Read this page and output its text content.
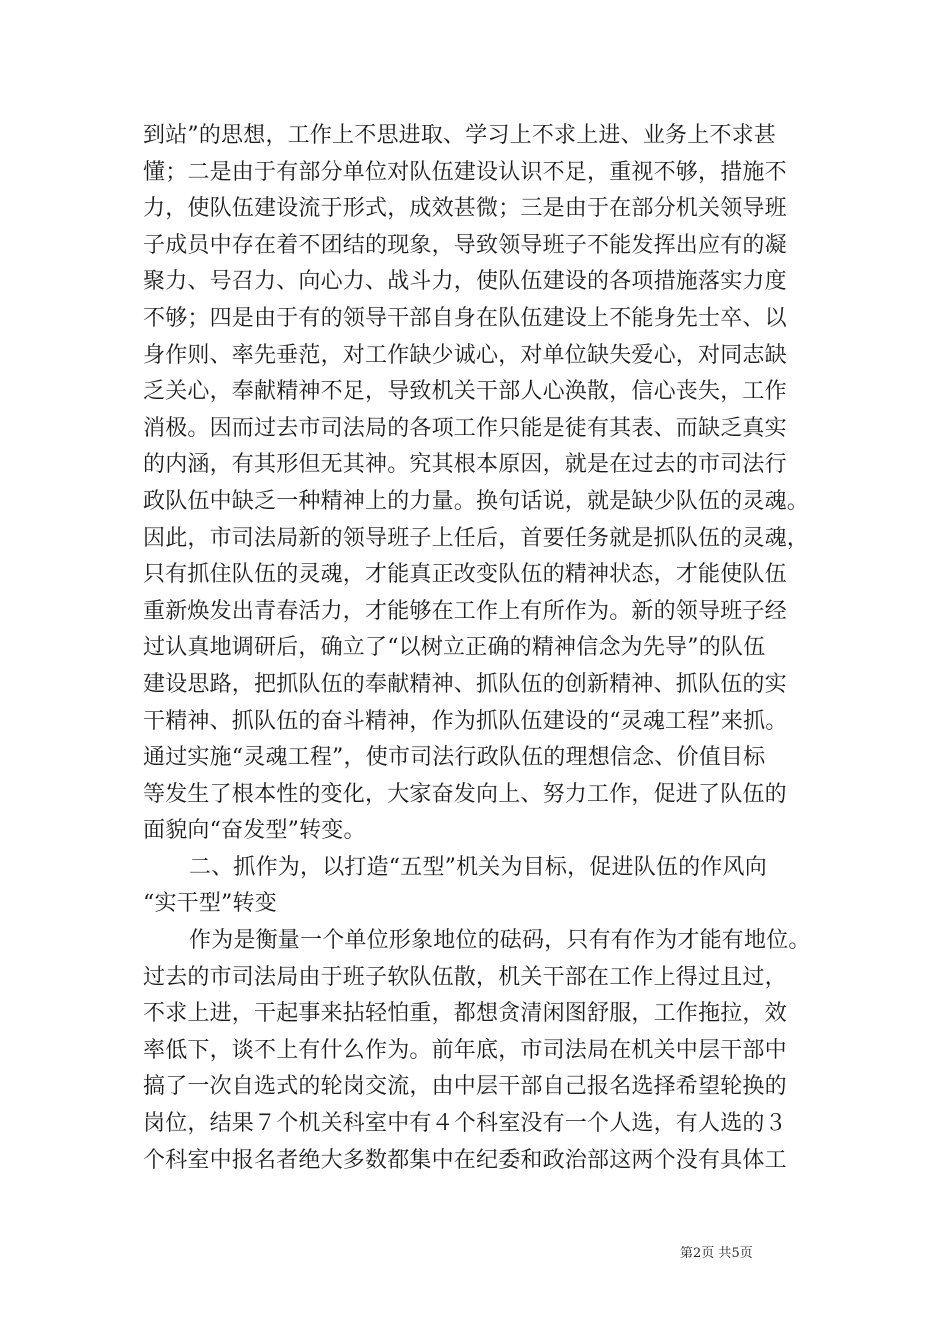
到站”的思想，工作上不思进取、学习上不求上进、业务上不求甚
懂；二是由于有部分单位对队伍建设认识不足，重视不够，措施不
力，使队伍建设流于形式，成效甚微；三是由于在部分机关领导班
子成员中存在着不团结的现象，导致领导班子不能发挥出应有的凝
聚力、号召力、向心力、战斗力，使队伍建设的各项措施落实力度
不够；四是由于有的领导干部自身在队伍建设上不能身先士卒、以
身作则、率先垂范，对工作缺少诚心，对单位缺失爱心，对同志缺
乏关心，奉献精神不足，导致机关干部人心涣散，信心丧失，工作
消极。因而过去市司法局的各项工作只能是徒有其表、而缺乏真实
的内涵，有其形但无其神。究其根本原因，就是在过去的市司法行
政队伍中缺乏一种精神上的力量。换句话说，就是缺少队伍的灵魂。
因此，市司法局新的领导班子上任后，首要任务就是抓队伍的灵魂，
只有抓住队伍的灵魂，才能真正改变队伍的精神状态，才能使队伍
重新焕发出青春活力，才能够在工作上有所作为。新的领导班子经
过认真地调研后，确立了“以树立正确的精神信念为先导”的队伍
建设思路，把抓队伍的奉献精神、抓队伍的创新精神、抓队伍的实
干精神、抓队伍的奋斗精神，作为抓队伍建设的“灵魂工程”来抓。
通过实施“灵魂工程”，使市司法行政队伍的理想信念、价值目标
等发生了根本性的变化，大家奋发向上、努力工作，促进了队伍的
面貌向“奋发型”转变。
二、抓作为，以打造“五型”机关为目标，促进队伍的作风向
“实干型”转变
作为是衡量一个单位形象地位的砝码，只有有作为才能有地位。
过去的市司法局由于班子软队伍散，机关干部在工作上得过且过，
不求上进，干起事来拈轻怕重，都想贪清闲图舒服，工作拖拉，效
率低下，谈不上有什么作为。前年底，市司法局在机关中层干部中
搞了一次自选式的轮岗交流，由中层干部自己报名选择希望轮换的
岗位，结果７个机关科室中有４个科室没有一个人选，有人选的３
个科室中报名者绝大多数都集中在纪委和政治部这两个没有具体工
第2页 共5页
